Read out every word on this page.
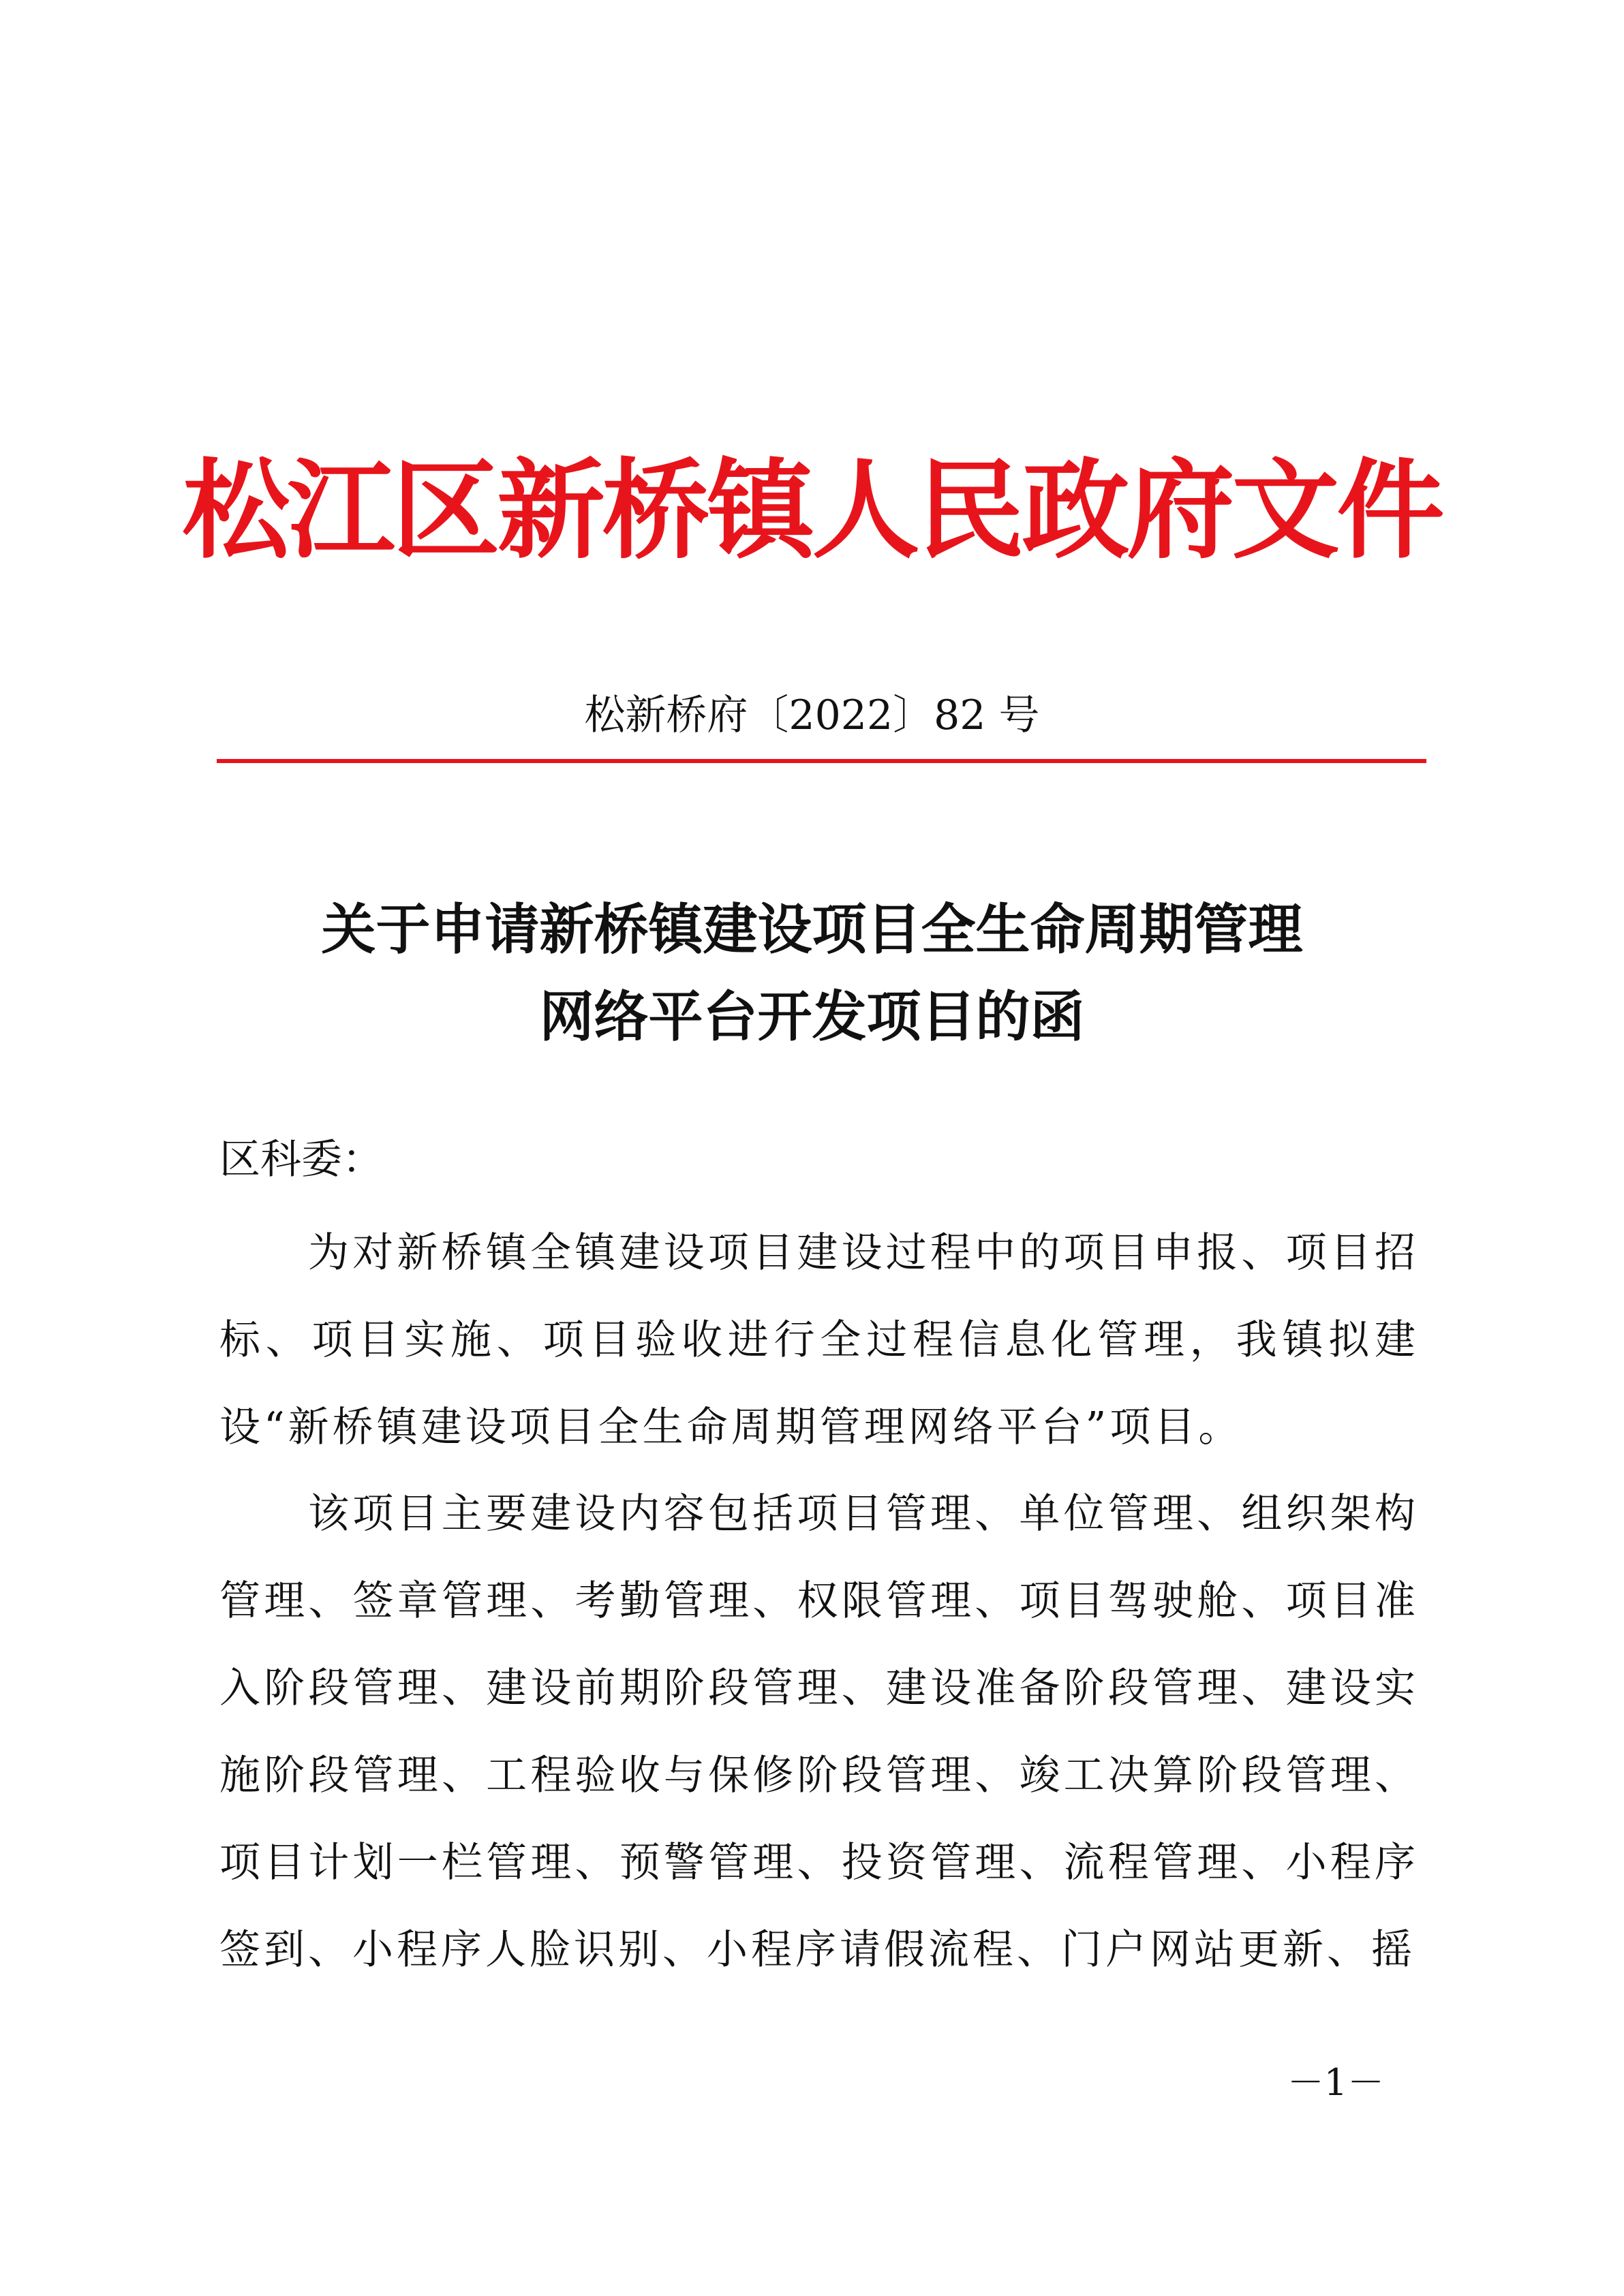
松江区新桥镇人民政府文件
松新桥府〔2022〕82 号
关于申请新桥镇建设项目全生命周期管理
网络平台开发项目的函
区科委：

为对新桥镇全镇建设项目建设过程中的项目申报、项目招标、项目实施、项目验收进行全过程信息化管理，我镇拟建设“新桥镇建设项目全生命周期管理网络平台”项目。

该项目主要建设内容包括项目管理、单位管理、组织架构管理、签章管理、考勤管理、权限管理、项目驾驶舱、项目准入阶段管理、建设前期阶段管理、建设准备阶段管理、建设实施阶段管理、工程验收与保修阶段管理、竣工决算阶段管理、项目计划一栏管理、预警管理、投资管理、流程管理、小程序签到、小程序人脸识别、小程序请假流程、门户网站更新、摇

－1－
